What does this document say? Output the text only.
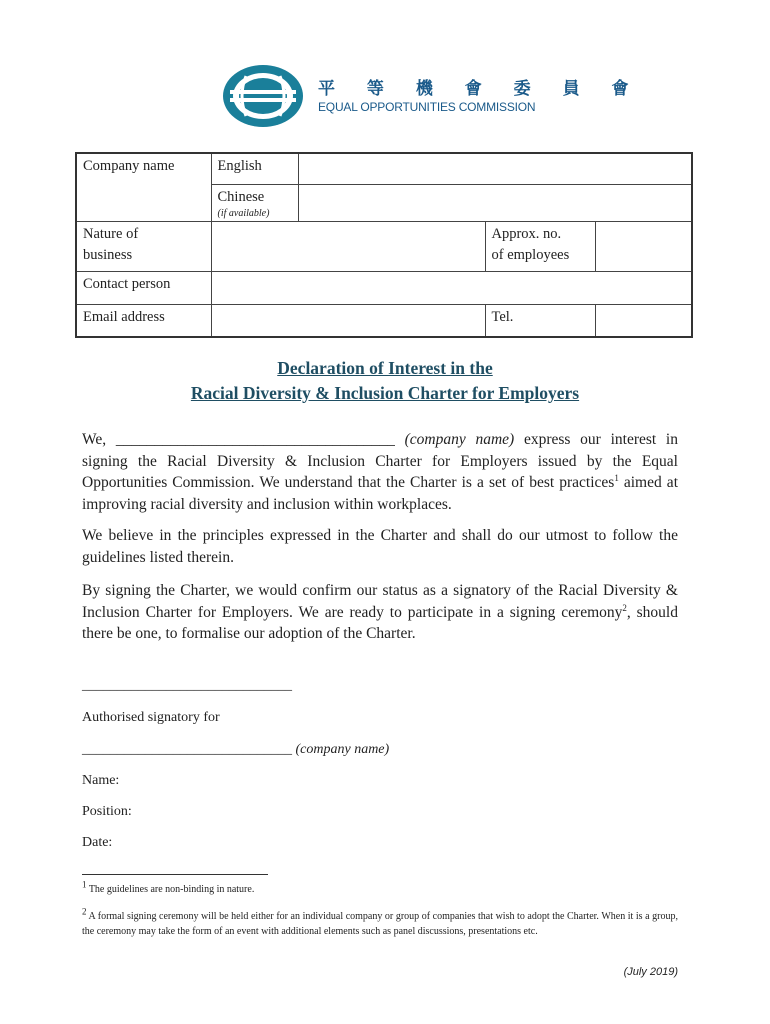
平 等 機 會 委 員 會
EQUAL OPPORTUNITIES COMMISSION
Company name	English			
	Chinese
(if available)			

Nature of
business			Approx. no.
of employees	
Contact person				
Email address			Tel.	
Declaration of Interest in the
Racial Diversity & Inclusion Charter for Employers
We, ____________________________________ (company name) express our interest in signing the Racial Diversity & Inclusion Charter for Employers issued by the Equal Opportunities Commission. We understand that the Charter is a set of best practices$^1$ aimed at improving racial diversity and inclusion within workplaces.
We believe in the principles expressed in the Charter and shall do our utmost to follow the guidelines listed therein.
By signing the Charter, we would confirm our status as a signatory of the Racial Diversity & Inclusion Charter for Employers. We are ready to participate in a signing ceremony$^2$, should there be one, to formalise our adoption of the Charter.
______________________________
Authorised signatory for
______________________________ (company name)
Name:
Position:
Date:
$^1$ The guidelines are non-binding in nature.
$^2$ A formal signing ceremony will be held either for an individual company or group of companies that wish to adopt the Charter. When it is a group, the ceremony may take the form of an event with additional elements such as panel discussions, presentations etc.
(July 2019)
